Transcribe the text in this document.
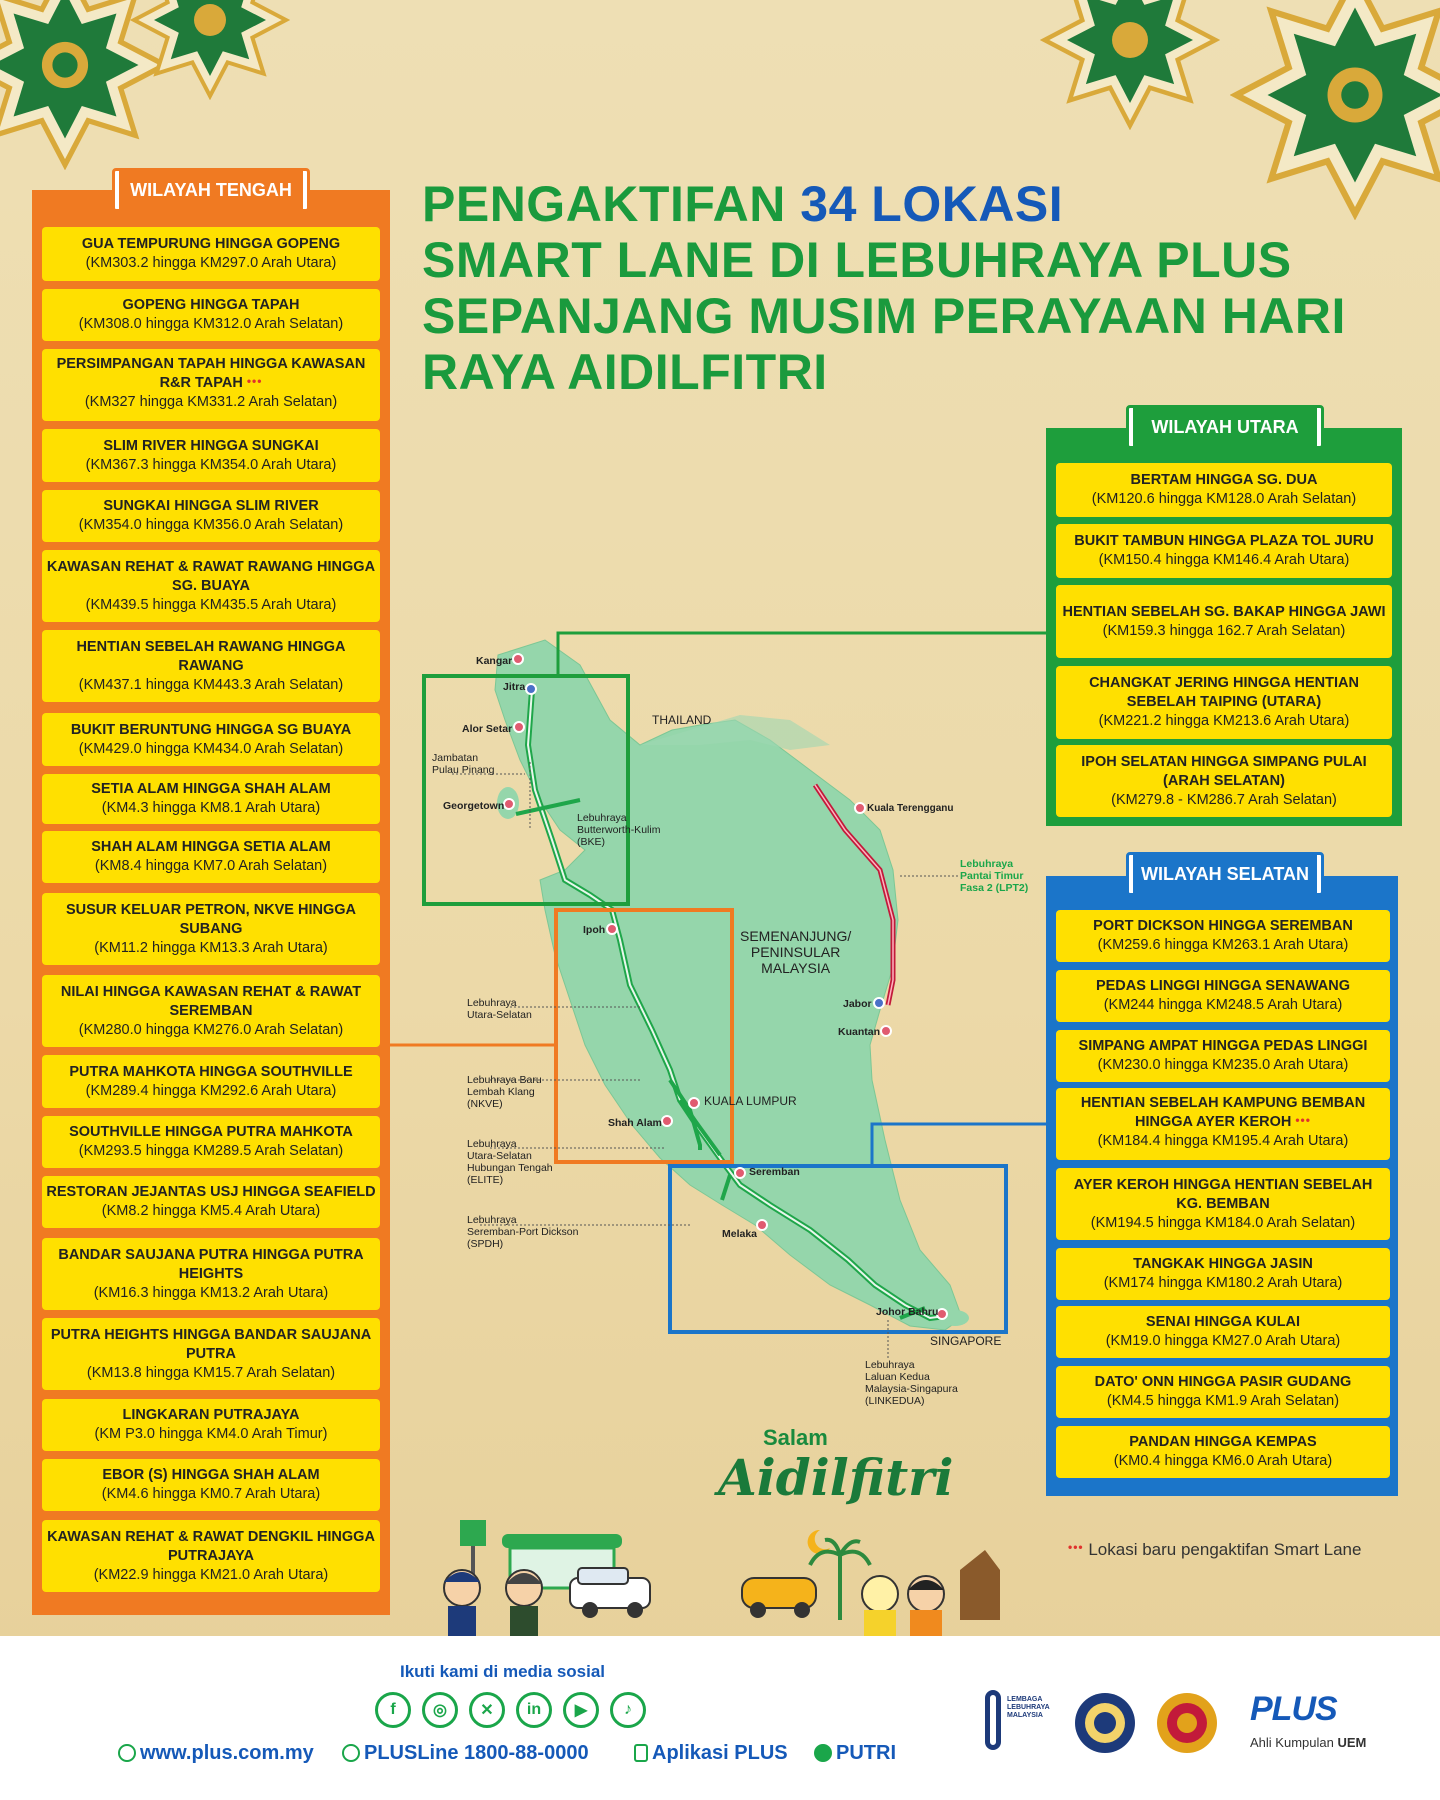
PENGAKTIFAN 34 LOKASI
SMART LANE DI LEBUHRAYA PLUS
SEPANJANG MUSIM PERAYAAN HARI
RAYA AIDILFITRI
WILAYAH TENGAH
GUA TEMPURUNG HINGGA GOPENG
(KM303.2 hingga KM297.0 Arah Utara)
GOPENG HINGGA TAPAH
(KM308.0 hingga KM312.0 Arah Selatan)
PERSIMPANGAN TAPAH HINGGA KAWASAN R&R TAPAH •••
(KM327 hingga KM331.2 Arah Selatan)
SLIM RIVER HINGGA SUNGKAI
(KM367.3 hingga KM354.0 Arah Utara)
SUNGKAI HINGGA SLIM RIVER
(KM354.0 hingga KM356.0 Arah Selatan)
KAWASAN REHAT & RAWAT RAWANG HINGGA SG. BUAYA
(KM439.5 hingga KM435.5 Arah Utara)
HENTIAN SEBELAH RAWANG HINGGA RAWANG
(KM437.1 hingga KM443.3 Arah Selatan)
BUKIT BERUNTUNG HINGGA SG BUAYA
(KM429.0 hingga KM434.0 Arah Selatan)
SETIA ALAM HINGGA SHAH ALAM
(KM4.3 hingga KM8.1 Arah Utara)
SHAH ALAM HINGGA SETIA ALAM
(KM8.4 hingga KM7.0 Arah Selatan)
SUSUR KELUAR PETRON, NKVE HINGGA SUBANG
(KM11.2 hingga KM13.3 Arah Utara)
NILAI HINGGA KAWASAN REHAT & RAWAT SEREMBAN
(KM280.0 hingga KM276.0 Arah Selatan)
PUTRA MAHKOTA HINGGA SOUTHVILLE
(KM289.4 hingga KM292.6 Arah Utara)
SOUTHVILLE HINGGA PUTRA MAHKOTA
(KM293.5 hingga KM289.5 Arah Selatan)
RESTORAN JEJANTAS USJ HINGGA SEAFIELD
(KM8.2 hingga KM5.4 Arah Utara)
BANDAR SAUJANA PUTRA HINGGA PUTRA HEIGHTS
(KM16.3 hingga KM13.2 Arah Utara)
PUTRA HEIGHTS HINGGA BANDAR SAUJANA PUTRA
(KM13.8 hingga KM15.7 Arah Selatan)
LINGKARAN PUTRAJAYA
(KM P3.0 hingga KM4.0 Arah Timur)
EBOR (S) HINGGA SHAH ALAM
(KM4.6 hingga KM0.7 Arah Utara)
KAWASAN REHAT & RAWAT DENGKIL HINGGA PUTRAJAYA
(KM22.9 hingga KM21.0 Arah Utara)
WILAYAH UTARA
BERTAM HINGGA SG. DUA
(KM120.6 hingga KM128.0 Arah Selatan)
BUKIT TAMBUN HINGGA PLAZA TOL JURU
(KM150.4 hingga KM146.4 Arah Utara)
HENTIAN SEBELAH SG. BAKAP HINGGA JAWI
(KM159.3 hingga 162.7 Arah Selatan)
CHANGKAT JERING HINGGA HENTIAN SEBELAH TAIPING (UTARA)
(KM221.2 hingga KM213.6 Arah Utara)
IPOH SELATAN HINGGA SIMPANG PULAI (ARAH SELATAN)
(KM279.8 - KM286.7 Arah Selatan)
WILAYAH SELATAN
PORT DICKSON HINGGA SEREMBAN
(KM259.6 hingga KM263.1 Arah Utara)
PEDAS LINGGI HINGGA SENAWANG
(KM244 hingga KM248.5 Arah Utara)
SIMPANG AMPAT HINGGA PEDAS LINGGI
(KM230.0 hingga KM235.0 Arah Utara)
HENTIAN SEBELAH KAMPUNG BEMBAN HINGGA AYER KEROH •••
(KM184.4 hingga KM195.4 Arah Utara)
AYER KEROH HINGGA HENTIAN SEBELAH KG. BEMBAN
(KM194.5 hingga KM184.0 Arah Selatan)
TANGKAK HINGGA JASIN
(KM174 hingga KM180.2 Arah Utara)
SENAI HINGGA KULAI
(KM19.0 hingga KM27.0 Arah Utara)
DATO' ONN HINGGA PASIR GUDANG
(KM4.5 hingga KM1.9 Arah Selatan)
PANDAN HINGGA KEMPAS
(KM0.4 hingga KM6.0 Arah Utara)
Kangar
Jitra
Alor Setar
Jambatan
Pulau Pinang
Georgetown
Lebuhraya
Butterworth-Kulim
(BKE)
THAILAND
Kuala Terengganu
Lebuhraya
Pantai Timur
Fasa 2 (LPT2)
Ipoh	SEMENANJUNG/
PENINSULAR
MALAYSIA
Lebuhraya
Utara-Selatan
Jabor
Kuantan
Lebuhraya Baru
Lembah Klang
(NKVE)	KUALA LUMPUR
Shah Alam
Lebuhraya
Utara-Selatan
Hubungan Tengah
(ELITE)
Seremban
Lebuhraya
Seremban-Port Dickson
(SPDH)
Melaka
Johor Bahru
SINGAPORE
Lebuhraya
Laluan Kedua
Malaysia-Singapura
(LINKEDUA)
Salam
Aidilfitri
••• Lokasi baru pengaktifan Smart Lane
Ikuti kami di media sosial
f	◎	✕	in	▶	♪
www.plus.com.my	PLUSLine 1800-88-0000	Aplikasi PLUS	PUTRI
LEMBAGA
LEBUHRAYA
MALAYSIA	PLUS
Ahli Kumpulan UEM
